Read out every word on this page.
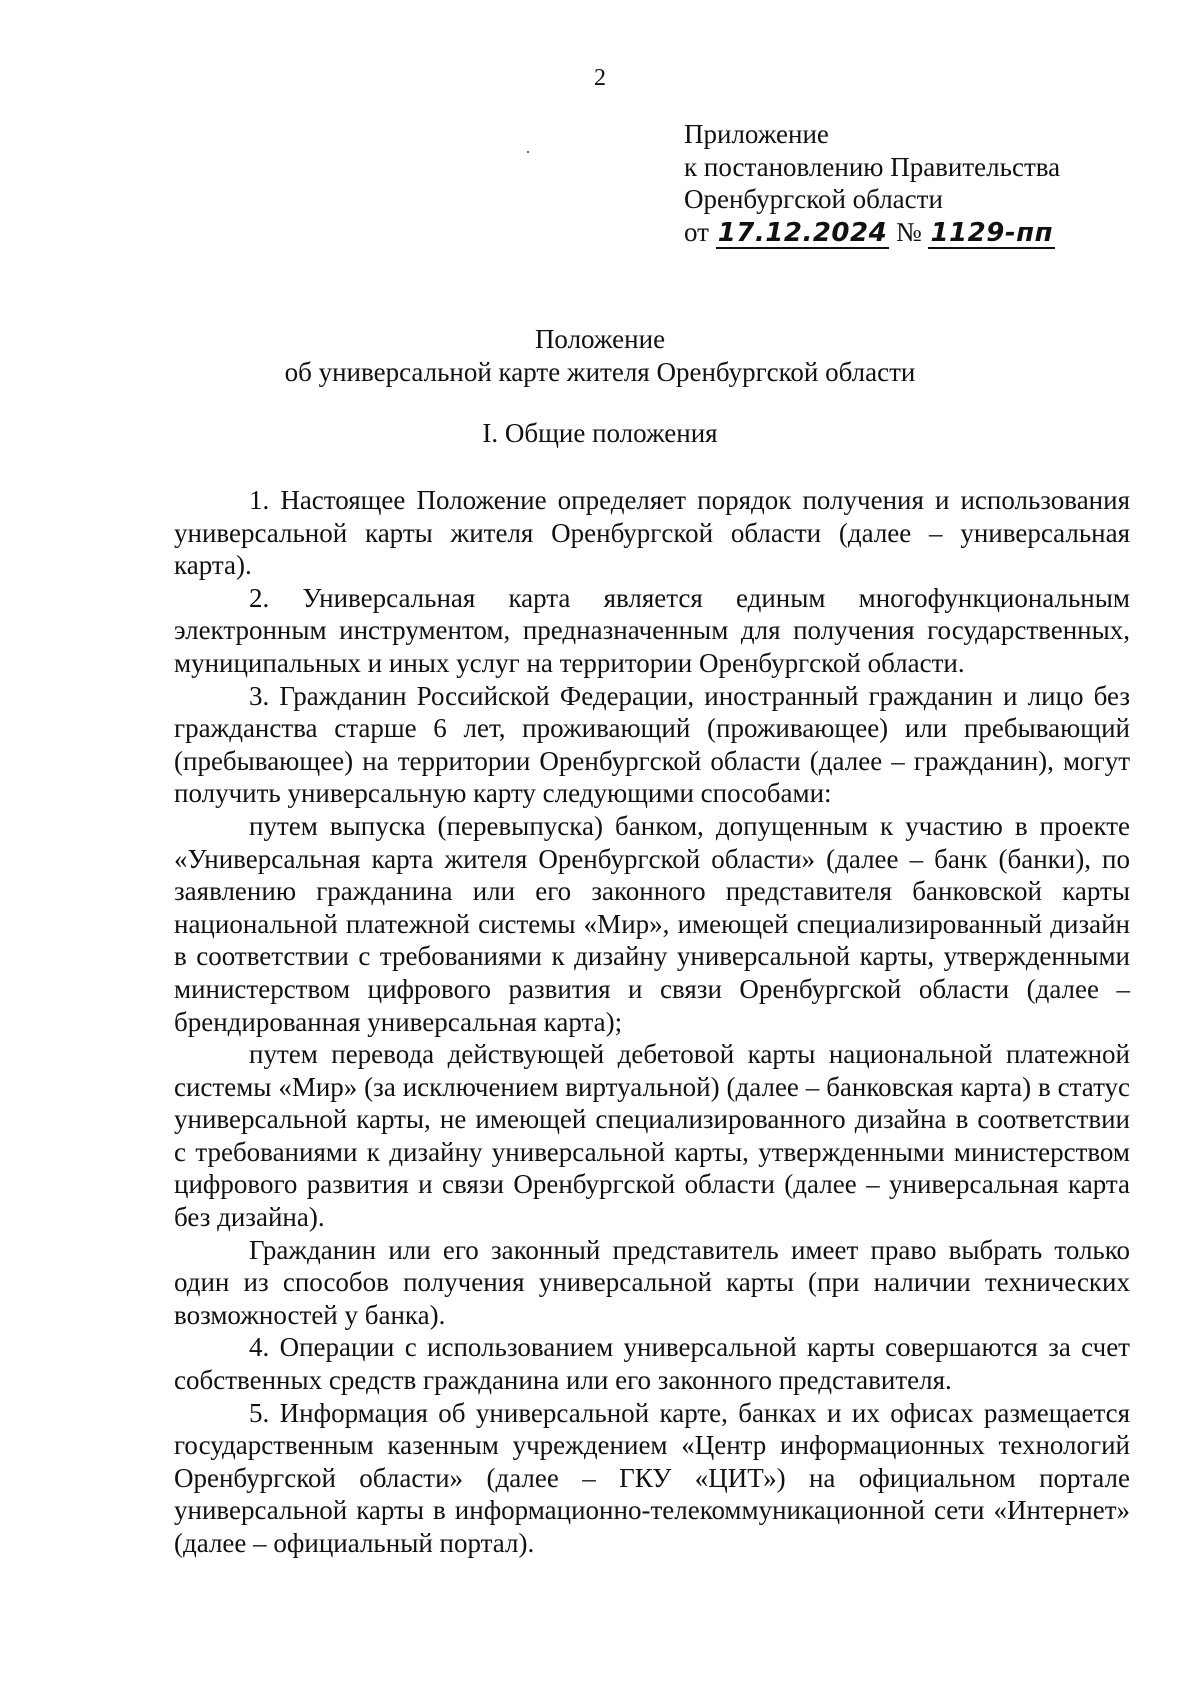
2
Приложение
к постановлению Правительства
Оренбургской области
от 17.12.2024 № 1129-пп
Положение
об универсальной карте жителя Оренбургской области
I. Общие положения

1. Настоящее Положение определяет порядок получения и использования универсальной карты жителя Оренбургской области (далее – универсальная карта).

2. Универсальная карта является единым многофункциональным электронным инструментом, предназначенным для получения государственных, муниципальных и иных услуг на территории Оренбургской области.

3. Гражданин Российской Федерации, иностранный гражданин и лицо без гражданства старше 6 лет, проживающий (проживающее) или пребывающий (пребывающее) на территории Оренбургской области (далее – гражданин), могут получить универсальную карту следующими способами:

путем выпуска (перевыпуска) банком, допущенным к участию в проекте «Универсальная карта жителя Оренбургской области» (далее – банк (банки), по заявлению гражданина или его законного представителя банковской карты национальной платежной системы «Мир», имеющей специализированный дизайн в соответствии с требованиями к дизайну универсальной карты, утвержденными министерством цифрового развития и связи Оренбургской области (далее – брендированная универсальная карта);

путем перевода действующей дебетовой карты национальной платежной системы «Мир» (за исключением виртуальной) (далее – банковская карта) в статус универсальной карты, не имеющей специализированного дизайна в соответствии с требованиями к дизайну универсальной карты, утвержденными министерством цифрового развития и связи Оренбургской области (далее – универсальная карта без дизайна).

Гражданин или его законный представитель имеет право выбрать только один из способов получения универсальной карты (при наличии технических возможностей у банка).

4. Операции с использованием универсальной карты совершаются за счет собственных средств гражданина или его законного представителя.

5. Информация об универсальной карте, банках и их офисах размещается государственным казенным учреждением «Центр информационных технологий Оренбургской области» (далее – ГКУ «ЦИТ») на официальном портале универсальной карты в информационно-телекоммуникационной сети «Интернет» (далее – официальный портал).
